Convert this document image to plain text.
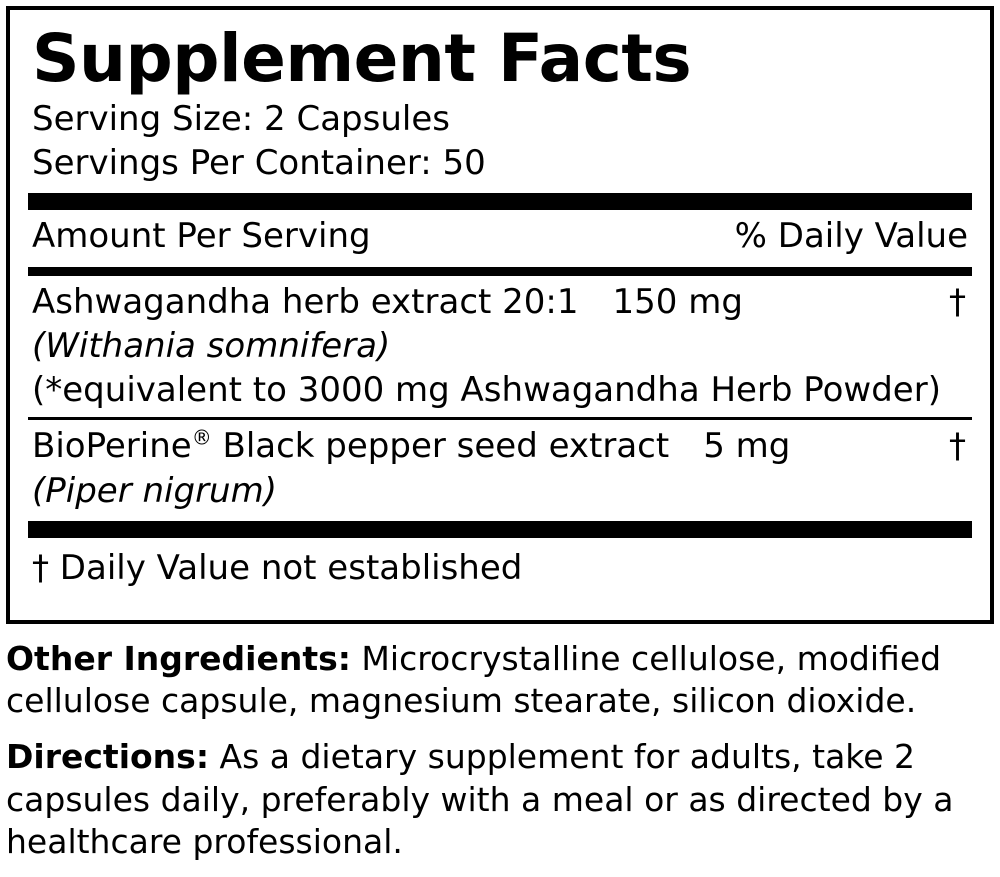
Supplement Facts
Serving Size: 2 Capsules
Servings Per Container: 50
Amount Per Serving	% Daily Value
Ashwagandha herb extract 20:1 150 mg	†
(Withania somnifera)
(*equivalent to 3000 mg Ashwagandha Herb Powder)
BioPerine® Black pepper seed extract 5 mg	†
(Piper nigrum)
† Daily Value not established

Other Ingredients: Microcrystalline cellulose, modified cellulose capsule, magnesium stearate, silicon dioxide.

Directions: As a dietary supplement for adults, take 2 capsules daily, preferably with a meal or as directed by a healthcare professional.
